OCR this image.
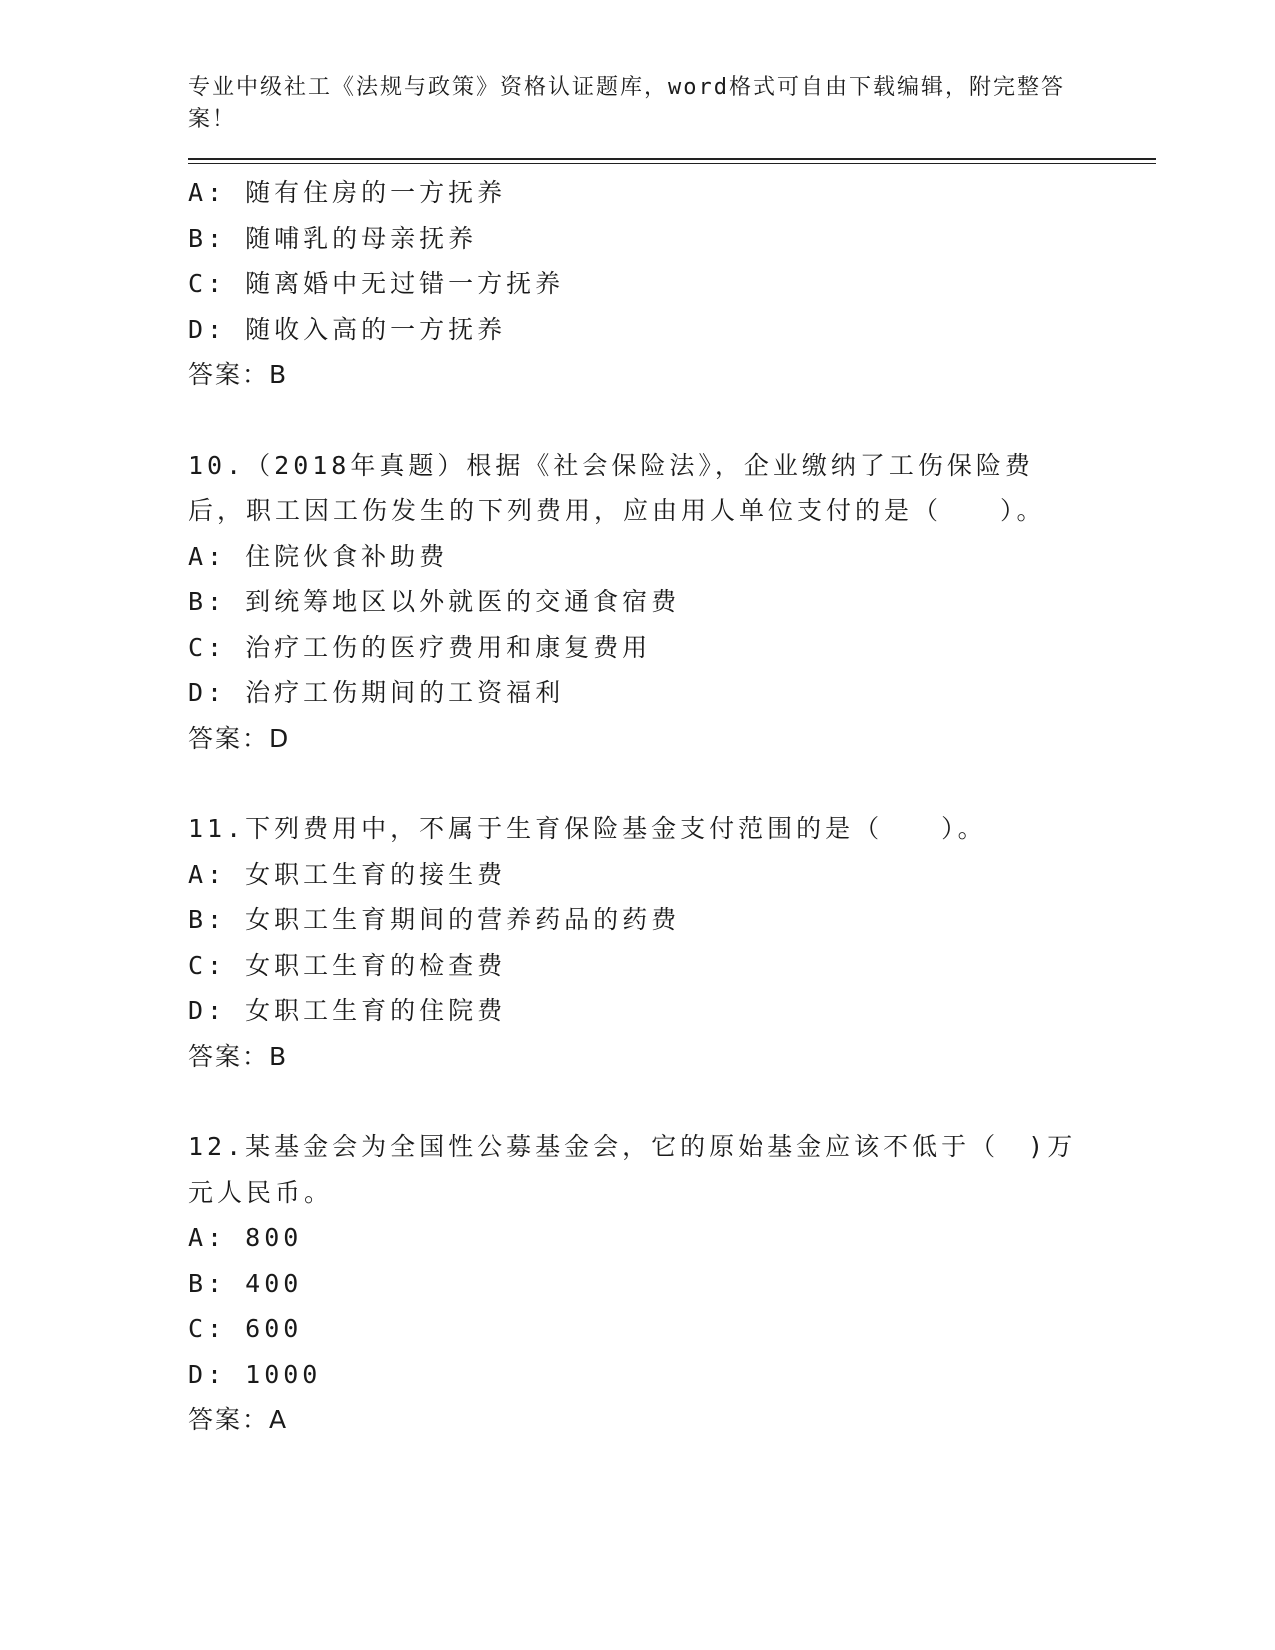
专业中级社工《法规与政策》资格认证题库，word格式可自由下载编辑，附完整答案！
A: 随有住房的一方抚养
B: 随哺乳的母亲抚养
C: 随离婚中无过错一方抚养
D: 随收入高的一方抚养
答案：B
10.（2018年真题）根据《社会保险法》，企业缴纳了工伤保险费后，职工因工伤发生的下列费用，应由用人单位支付的是（　　）。
A: 住院伙食补助费
B: 到统筹地区以外就医的交通食宿费
C: 治疗工伤的医疗费用和康复费用
D: 治疗工伤期间的工资福利
答案：D
11.下列费用中，不属于生育保险基金支付范围的是（　　）。
A: 女职工生育的接生费
B: 女职工生育期间的营养药品的药费
C: 女职工生育的检查费
D: 女职工生育的住院费
答案：B
12.某基金会为全国性公募基金会，它的原始基金应该不低于（　)万元人民币。
A: 800
B: 400
C: 600
D: 1000
答案：A
